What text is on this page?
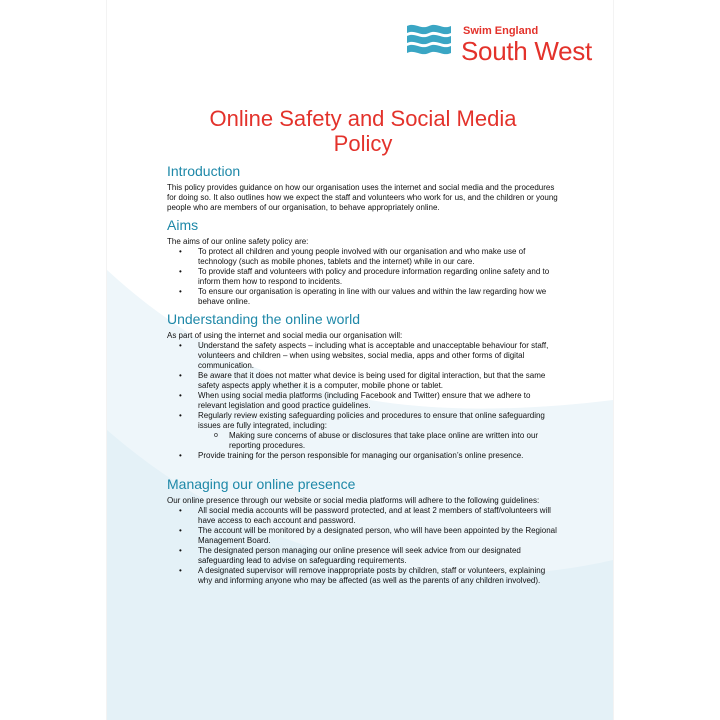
Swim England
South West
Online Safety and Social Media Policy
Introduction

This policy provides guidance on how our organisation uses the internet and social media and the procedures for doing so. It also outlines how we expect the staff and volunteers who work for us, and the children or young people who are members of our organisation, to behave appropriately online.

Aims

The aims of our online safety policy are:

• To protect all children and young people involved with our organisation and who make use of technology (such as mobile phones, tablets and the internet) while in our care.
• To provide staff and volunteers with policy and procedure information regarding online safety and to inform them how to respond to incidents.
• To ensure our organisation is operating in line with our values and within the law regarding how we behave online.
Understanding the online world

As part of using the internet and social media our organisation will:

• Understand the safety aspects – including what is acceptable and unacceptable behaviour for staff, volunteers and children – when using websites, social media, apps and other forms of digital communication.
• Be aware that it does not matter what device is being used for digital interaction, but that the same safety aspects apply whether it is a computer, mobile phone or tablet.
• When using social media platforms (including Facebook and Twitter) ensure that we adhere to relevant legislation and good practice guidelines.
• Regularly review existing safeguarding policies and procedures to ensure that online safeguarding issues are fully integrated, including:
o Making sure concerns of abuse or disclosures that take place online are written into our reporting procedures.
• Provide training for the person responsible for managing our organisation’s online presence.
Managing our online presence

Our online presence through our website or social media platforms will adhere to the following guidelines:

• All social media accounts will be password protected, and at least 2 members of staff/volunteers will have access to each account and password.
• The account will be monitored by a designated person, who will have been appointed by the Regional Management Board.
• The designated person managing our online presence will seek advice from our designated safeguarding lead to advise on safeguarding requirements.
• A designated supervisor will remove inappropriate posts by children, staff or volunteers, explaining why and informing anyone who may be affected (as well as the parents of any children involved).
